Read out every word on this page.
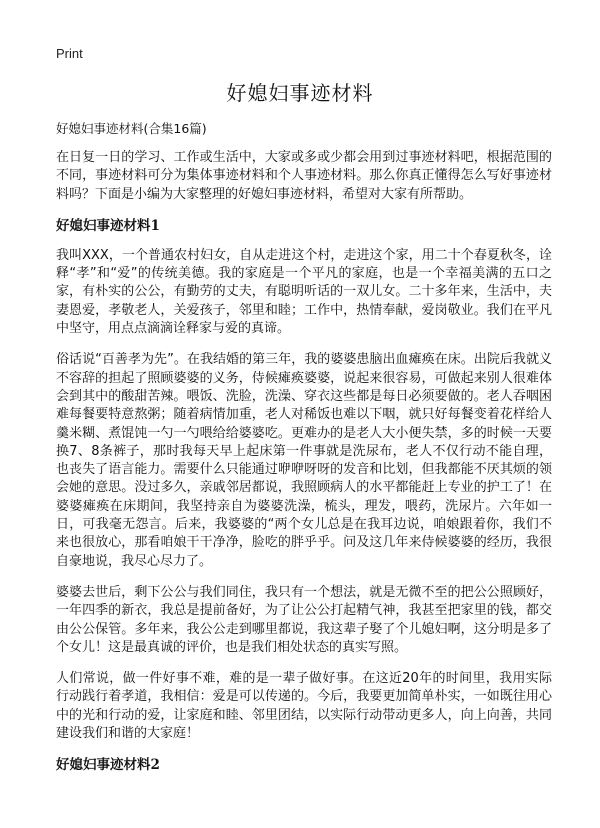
Print
好媳妇事迹材料

好媳妇事迹材料(合集16篇)

在日复一日的学习、工作或生活中，大家或多或少都会用到过事迹材料吧，根据范围的不同，事迹材料可分为集体事迹材料和个人事迹材料。那么你真正懂得怎么写好事迹材料吗？下面是小编为大家整理的好媳妇事迹材料，希望对大家有所帮助。

好媳妇事迹材料1

我叫XXX，一个普通农村妇女，自从走进这个村，走进这个家，用二十个春夏秋冬，诠释“孝”和“爱”的传统美德。我的家庭是一个平凡的家庭，也是一个幸福美满的五口之家，有朴实的公公，有勤劳的丈夫，有聪明听话的一双儿女。二十多年来，生活中，夫妻恩爱，孝敬老人，关爱孩子，邻里和睦；工作中，热情奉献，爱岗敬业。我们在平凡中坚守，用点点滴滴诠释家与爱的真谛。

俗话说“百善孝为先”。在我结婚的第三年，我的婆婆患脑出血瘫痪在床。出院后我就义不容辞的担起了照顾婆婆的义务，侍候瘫痪婆婆，说起来很容易，可做起来别人很难体会到其中的酸甜苦辣。喂饭、洗脸，洗澡、穿衣这些都是每日必须要做的。老人吞咽困难每餐要特意熬粥；随着病情加重，老人对稀饭也难以下咽，就只好每餐变着花样给人羹米糊、煮馄饨一勺一勺喂给给婆婆吃。更难办的是老人大小便失禁，多的时候一天要换7、8条裤子，那时我每天早上起床第一件事就是洗尿布，老人不仅行动不能自理，也丧失了语言能力。需要什么只能通过咿咿呀呀的发音和比划，但我都能不厌其烦的领会她的意思。没过多久，亲戚邻居都说，我照顾病人的水平都能赶上专业的护工了！在婆婆瘫痪在床期间，我坚持亲自为婆婆洗澡，梳头，理发，喂药，洗尿片。六年如一日，可我毫无怨言。后来，我婆婆的“两个女儿总是在我耳边说，咱娘跟着你，我们不来也很放心，那看咱娘干干净净，脸吃的胖乎乎。问及这几年来侍候婆婆的经历，我很自豪地说，我尽心尽力了。

婆婆去世后，剩下公公与我们同住，我只有一个想法，就是无微不至的把公公照顾好，一年四季的新衣，我总是提前备好，为了让公公打起精气神，我甚至把家里的钱，都交由公公保管。多年来，我公公走到哪里都说，我这辈子娶了个儿媳妇啊，这分明是多了个女儿！这是最真诚的评价，也是我们相处状态的真实写照。

人们常说，做一件好事不难，难的是一辈子做好事。在这近20年的时间里，我用实际行动践行着孝道，我相信：爱是可以传递的。今后，我要更加简单朴实，一如既往用心中的光和行动的爱，让家庭和睦、邻里团结，以实际行动带动更多人，向上向善，共同建设我们和谐的大家庭！

好媳妇事迹材料2
